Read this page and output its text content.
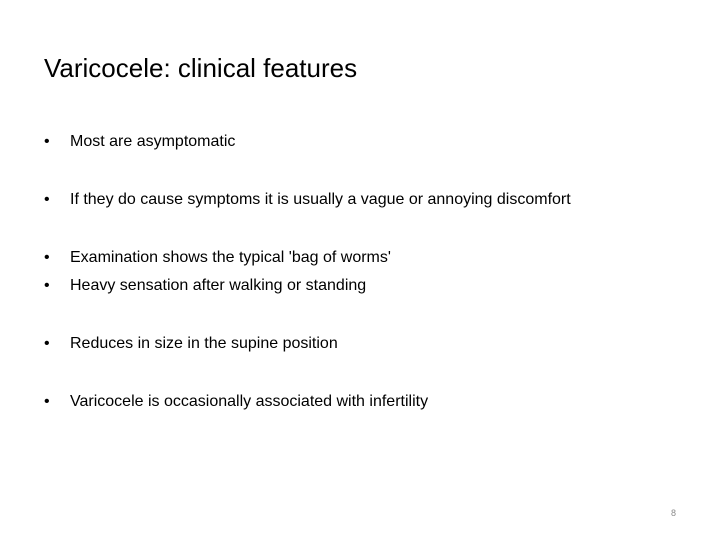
Varicocele: clinical features
• Most are asymptomatic
• If they do cause symptoms it is usually a vague or annoying discomfort
• Examination shows the typical 'bag of worms'
• Heavy sensation after walking or standing
• Reduces in size in the supine position
• Varicocele is occasionally associated with infertility
8
